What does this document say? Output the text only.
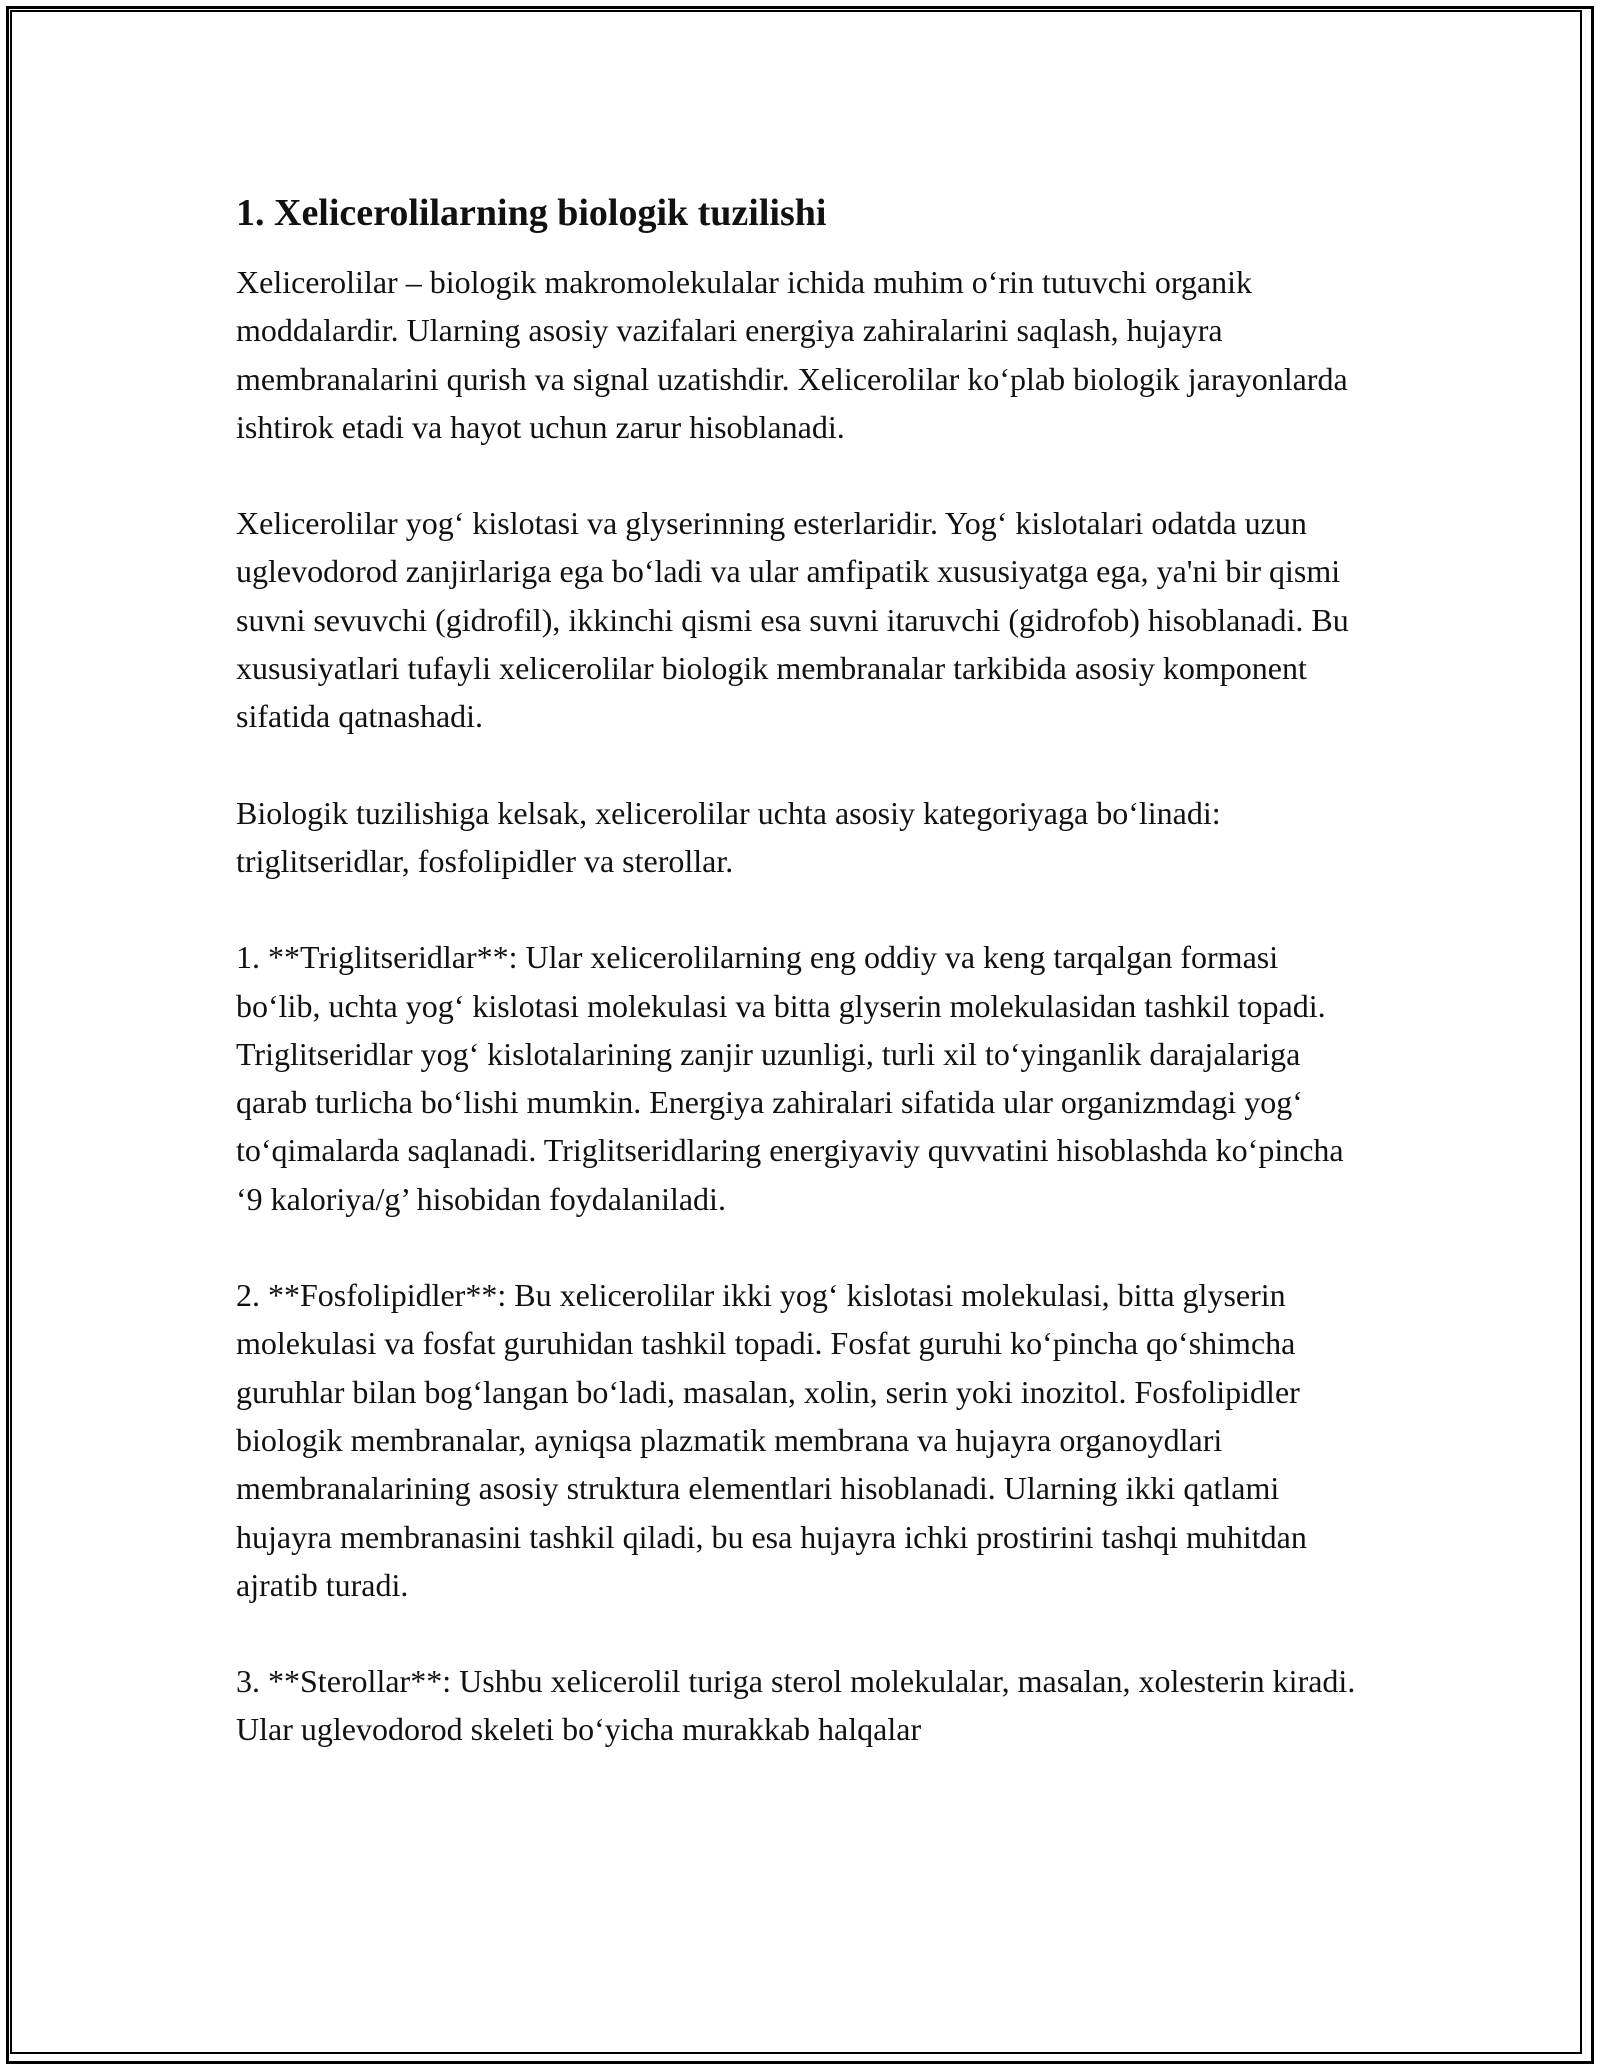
1. Xelicerolilarning biologik tuzilishi

Xelicerolilar – biologik makromolekulalar ichida muhim o‘rin tutuvchi organik moddalardir. Ularning asosiy vazifalari energiya zahiralarini saqlash, hujayra membranalarini qurish va signal uzatishdir. Xelicerolilar ko‘plab biologik jarayonlarda ishtirok etadi va hayot uchun zarur hisoblanadi.

Xelicerolilar yog‘ kislotasi va glyserinning esterlaridir. Yog‘ kislotalari odatda uzun uglevodorod zanjirlariga ega bo‘ladi va ular amfipatik xususiyatga ega, ya'ni bir qismi suvni sevuvchi (gidrofil), ikkinchi qismi esa suvni itaruvchi (gidrofob) hisoblanadi. Bu xususiyatlari tufayli xelicerolilar biologik membranalar tarkibida asosiy komponent sifatida qatnashadi.

Biologik tuzilishiga kelsak, xelicerolilar uchta asosiy kategoriyaga bo‘linadi: triglitseridlar, fosfolipidler va sterollar.

1. **Triglitseridlar**: Ular xelicerolilarning eng oddiy va keng tarqalgan formasi bo‘lib, uchta yog‘ kislotasi molekulasi va bitta glyserin molekulasidan tashkil topadi. Triglitseridlar yog‘ kislotalarining zanjir uzunligi, turli xil to‘yinganlik darajalariga qarab turlicha bo‘lishi mumkin. Energiya zahiralari sifatida ular organizmdagi yog‘ to‘qimalarda saqlanadi. Triglitseridlaring energiyaviy quvvatini hisoblashda ko‘pincha ‘9 kaloriya/g’ hisobidan foydalaniladi.

2. **Fosfolipidler**: Bu xelicerolilar ikki yog‘ kislotasi molekulasi, bitta glyserin molekulasi va fosfat guruhidan tashkil topadi. Fosfat guruhi ko‘pincha qo‘shimcha guruhlar bilan bog‘langan bo‘ladi, masalan, xolin, serin yoki inozitol. Fosfolipidler biologik membranalar, ayniqsa plazmatik membrana va hujayra organoydlari membranalarining asosiy struktura elementlari hisoblanadi. Ularning ikki qatlami hujayra membranasini tashkil qiladi, bu esa hujayra ichki prostirini tashqi muhitdan ajratib turadi.

3. **Sterollar**: Ushbu xelicerolil turiga sterol molekulalar, masalan, xolesterin kiradi. Ular uglevodorod skeleti bo‘yicha murakkab halqalar
